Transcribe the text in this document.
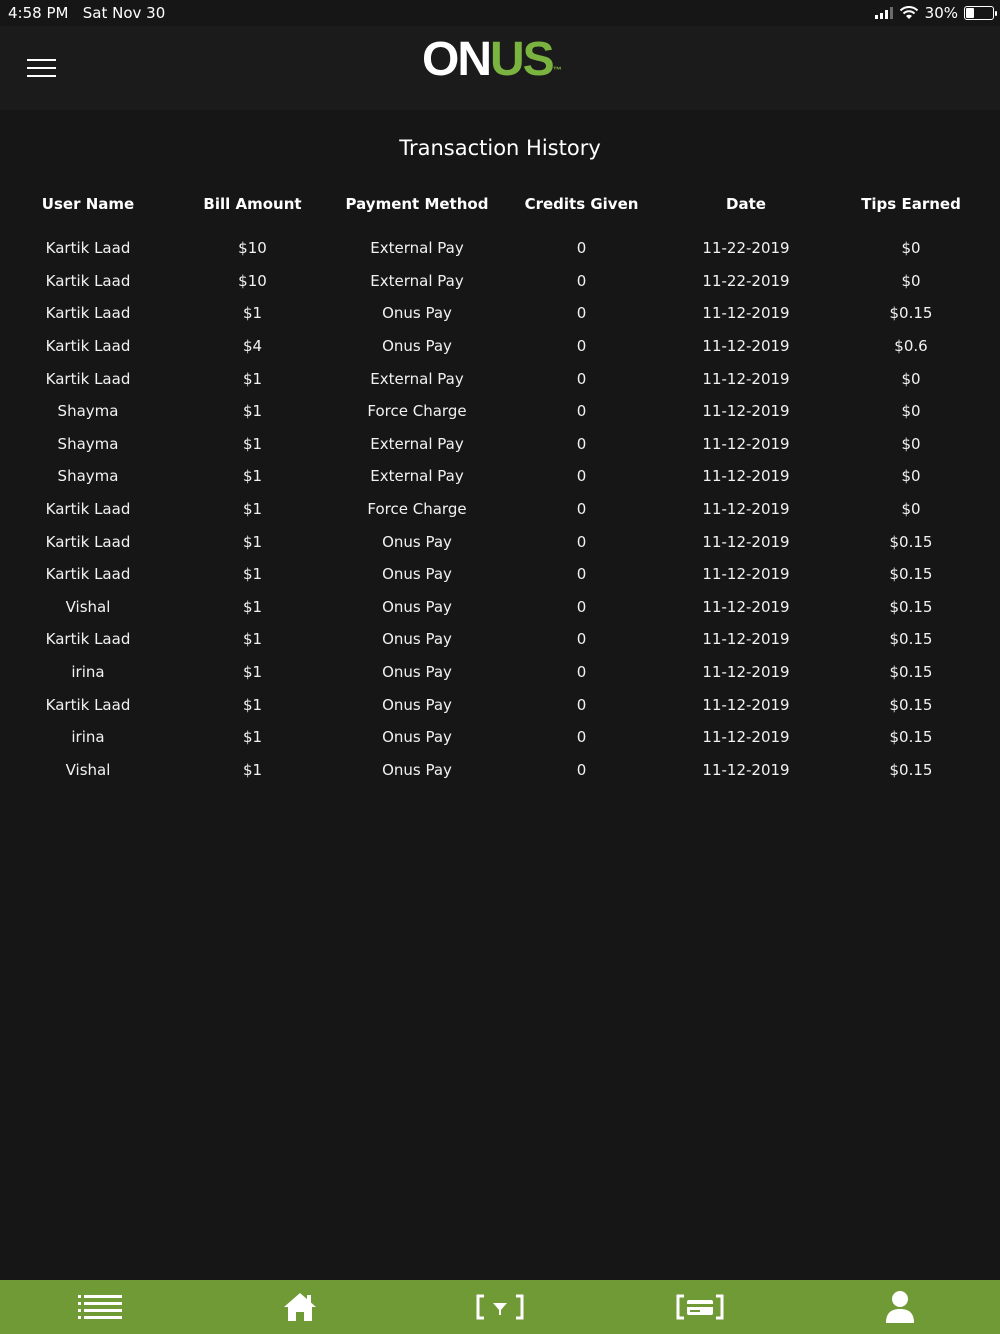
4:58 PM Sat Nov 30	30%
ONUS™
Transaction History
User Name	Bill Amount	Payment Method	Credits Given	Date	Tips Earned
Kartik Laad	$10	External Pay	0	11-22-2019	$0
Kartik Laad	$10	External Pay	0	11-22-2019	$0
Kartik Laad	$1	Onus Pay	0	11-12-2019	$0.15
Kartik Laad	$4	Onus Pay	0	11-12-2019	$0.6
Kartik Laad	$1	External Pay	0	11-12-2019	$0
Shayma	$1	Force Charge	0	11-12-2019	$0
Shayma	$1	External Pay	0	11-12-2019	$0
Shayma	$1	External Pay	0	11-12-2019	$0
Kartik Laad	$1	Force Charge	0	11-12-2019	$0
Kartik Laad	$1	Onus Pay	0	11-12-2019	$0.15
Kartik Laad	$1	Onus Pay	0	11-12-2019	$0.15
Vishal	$1	Onus Pay	0	11-12-2019	$0.15
Kartik Laad	$1	Onus Pay	0	11-12-2019	$0.15
irina	$1	Onus Pay	0	11-12-2019	$0.15
Kartik Laad	$1	Onus Pay	0	11-12-2019	$0.15
irina	$1	Onus Pay	0	11-12-2019	$0.15
Vishal	$1	Onus Pay	0	11-12-2019	$0.15
